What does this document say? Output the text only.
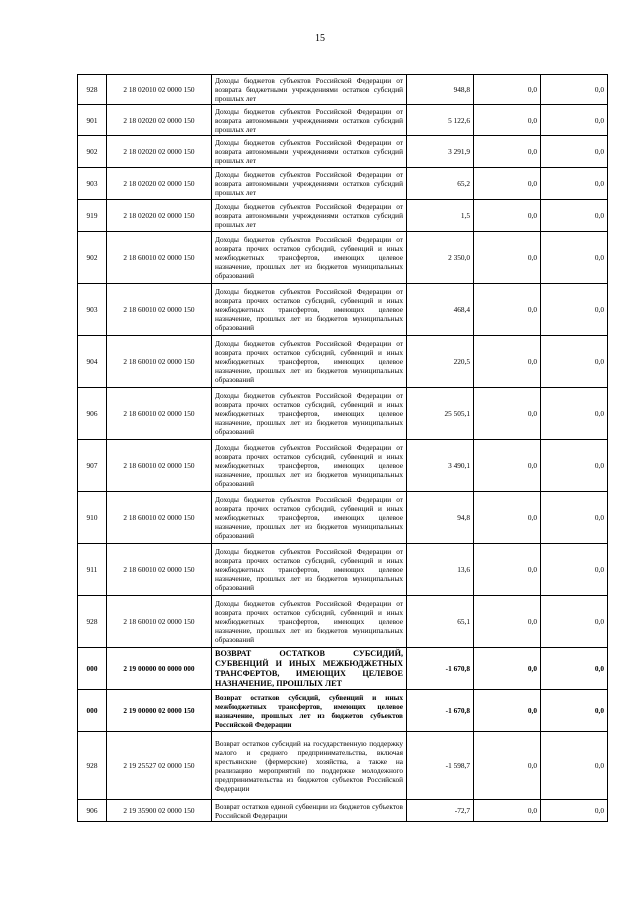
15
928	2 18 02010 02 0000 150	Доходы бюджетов субъектов Российской Федерации от возврата бюджетными учреждениями остатков субсидий прошлых лет	948,8	0,0	0,0
901	2 18 02020 02 0000 150	Доходы бюджетов субъектов Российской Федерации от возврата автономными учреждениями остатков субсидий прошлых лет	5 122,6	0,0	0,0
902	2 18 02020 02 0000 150	Доходы бюджетов субъектов Российской Федерации от возврата автономными учреждениями остатков субсидий прошлых лет	3 291,9	0,0	0,0
903	2 18 02020 02 0000 150	Доходы бюджетов субъектов Российской Федерации от возврата автономными учреждениями остатков субсидий прошлых лет	65,2	0,0	0,0
919	2 18 02020 02 0000 150	Доходы бюджетов субъектов Российской Федерации от возврата автономными учреждениями остатков субсидий прошлых лет	1,5	0,0	0,0
902	2 18 60010 02 0000 150	Доходы бюджетов субъектов Российской Федерации от возврата прочих остатков субсидий, субвенций и иных межбюджетных трансфертов, имеющих целевое назначение, прошлых лет из бюджетов муниципальных образований	2 350,0	0,0	0,0
903	2 18 60010 02 0000 150	Доходы бюджетов субъектов Российской Федерации от возврата прочих остатков субсидий, субвенций и иных межбюджетных трансфертов, имеющих целевое назначение, прошлых лет из бюджетов муниципальных образований	468,4	0,0	0,0
904	2 18 60010 02 0000 150	Доходы бюджетов субъектов Российской Федерации от возврата прочих остатков субсидий, субвенций и иных межбюджетных трансфертов, имеющих целевое назначение, прошлых лет из бюджетов муниципальных образований	220,5	0,0	0,0
906	2 18 60010 02 0000 150	Доходы бюджетов субъектов Российской Федерации от возврата прочих остатков субсидий, субвенций и иных межбюджетных трансфертов, имеющих целевое назначение, прошлых лет из бюджетов муниципальных образований	25 505,1	0,0	0,0
907	2 18 60010 02 0000 150	Доходы бюджетов субъектов Российской Федерации от возврата прочих остатков субсидий, субвенций и иных межбюджетных трансфертов, имеющих целевое назначение, прошлых лет из бюджетов муниципальных образований	3 490,1	0,0	0,0
910	2 18 60010 02 0000 150	Доходы бюджетов субъектов Российской Федерации от возврата прочих остатков субсидий, субвенций и иных межбюджетных трансфертов, имеющих целевое назначение, прошлых лет из бюджетов муниципальных образований	94,8	0,0	0,0
911	2 18 60010 02 0000 150	Доходы бюджетов субъектов Российской Федерации от возврата прочих остатков субсидий, субвенций и иных межбюджетных трансфертов, имеющих целевое назначение, прошлых лет из бюджетов муниципальных образований	13,6	0,0	0,0
928	2 18 60010 02 0000 150	Доходы бюджетов субъектов Российской Федерации от возврата прочих остатков субсидий, субвенций и иных межбюджетных трансфертов, имеющих целевое назначение, прошлых лет из бюджетов муниципальных образований	65,1	0,0	0,0
000	2 19 00000 00 0000 000	ВОЗВРАТ ОСТАТКОВ СУБСИДИЙ, СУБВЕНЦИЙ И ИНЫХ МЕЖБЮДЖЕТНЫХ ТРАНСФЕРТОВ, ИМЕЮЩИХ ЦЕЛЕВОЕ НАЗНАЧЕНИЕ, ПРОШЛЫХ ЛЕТ	-1 670,8	0,0	0,0
000	2 19 00000 02 0000 150	Возврат остатков субсидий, субвенций и иных межбюджетных трансфертов, имеющих целевое назначение, прошлых лет из бюджетов субъектов Российской Федерации	-1 670,8	0,0	0,0
928	2 19 25527 02 0000 150	Возврат остатков субсидий на государственную поддержку малого и среднего предпринимательства, включая крестьянские (фермерские) хозяйства, а также на реализацию мероприятий по поддержке молодежного предпринимательства из бюджетов субъектов Российской Федерации	-1 598,7	0,0	0,0
906	2 19 35900 02 0000 150	Возврат остатков единой субвенции из бюджетов субъектов Российской Федерации	-72,7	0,0	0,0
